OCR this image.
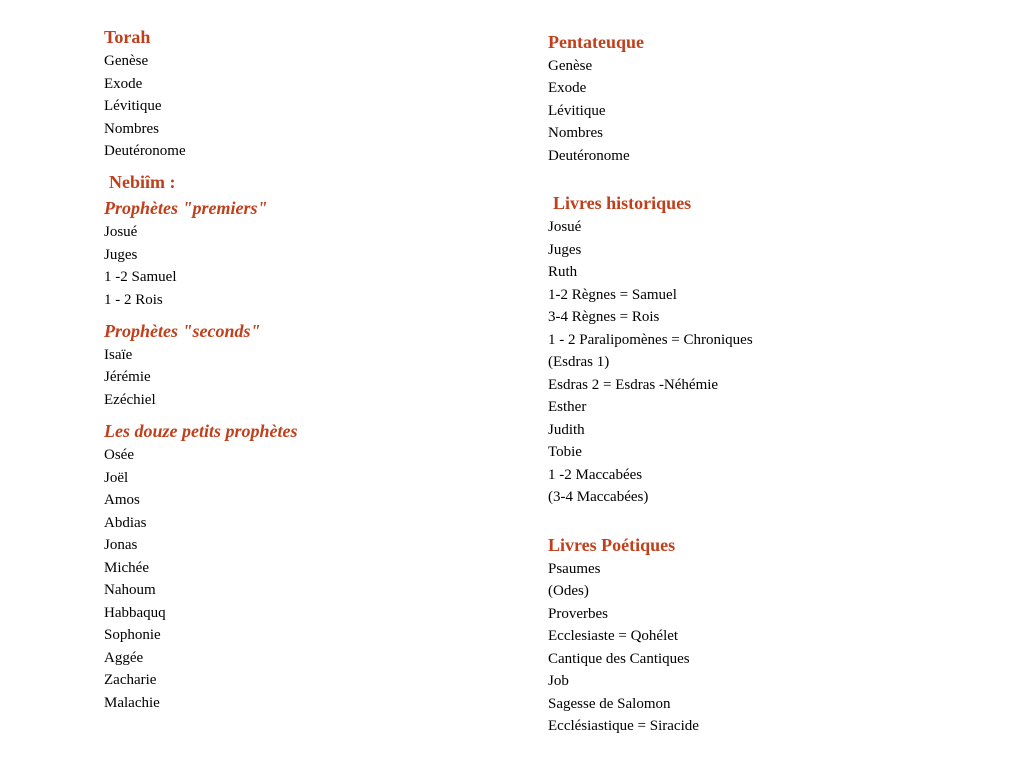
Torah
Genèse
Exode
Lévitique
Nombres
Deutéronome
Nebiîm :
Prophètes "premiers"
Josué
Juges
1 -2 Samuel
1 - 2 Rois
Prophètes "seconds"
Isaïe
Jérémie
Ezéchiel
Les douze petits prophètes
Osée
Joël
Amos
Abdias
Jonas
Michée
Nahoum
Habbaquq
Sophonie
Aggée
Zacharie
Malachie
Pentateuque
Genèse
Exode
Lévitique
Nombres
Deutéronome
Livres historiques
Josué
Juges
Ruth
1-2 Règnes = Samuel
3-4 Règnes = Rois
1 - 2 Paralipomènes = Chroniques
(Esdras 1)
Esdras 2 = Esdras -Néhémie
Esther
Judith
Tobie
1 -2 Maccabées
(3-4 Maccabées)
Livres Poétiques
Psaumes
(Odes)
Proverbes
Ecclesiaste = Qohélet
Cantique des Cantiques
Job
Sagesse de Salomon
Ecclésiastique = Siracide
